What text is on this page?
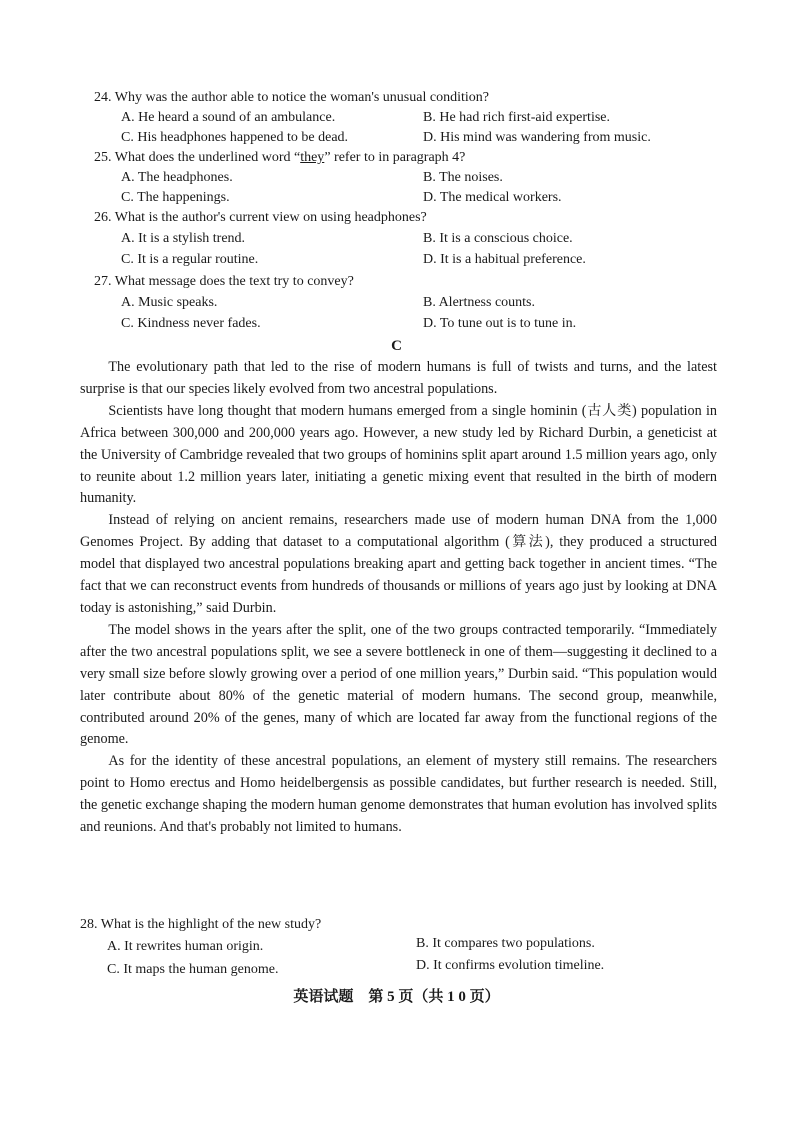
24. Why was the author able to notice the woman's unusual condition?
A. He heard a sound of an ambulance.	B. He had rich first-aid expertise.
C. His headphones happened to be dead.	D. His mind was wandering from music.
25. What does the underlined word “they” refer to in paragraph 4?
A. The headphones.	B. The noises.
C. The happenings.	D. The medical workers.
26. What is the author's current view on using headphones?
A. It is a stylish trend.	B. It is a conscious choice.
C. It is a regular routine.	D. It is a habitual preference.
27. What message does the text try to convey?
A. Music speaks.	B. Alertness counts.
C. Kindness never fades.	D. To tune out is to tune in.
C

The evolutionary path that led to the rise of modern humans is full of twists and turns, and the latest surprise is that our species likely evolved from two ancestral populations.

Scientists have long thought that modern humans emerged from a single hominin (古人类) population in Africa between 300,000 and 200,000 years ago. However, a new study led by Richard Durbin, a geneticist at the University of Cambridge revealed that two groups of hominins split apart around 1.5 million years ago, only to reunite about 1.2 million years later, initiating a genetic mixing event that resulted in the birth of modern humanity.

Instead of relying on ancient remains, researchers made use of modern human DNA from the 1,000 Genomes Project. By adding that dataset to a computational algorithm (算法), they produced a structured model that displayed two ancestral populations breaking apart and getting back together in ancient times. “The fact that we can reconstruct events from hundreds of thousands or millions of years ago just by looking at DNA today is astonishing,” said Durbin.

The model shows in the years after the split, one of the two groups contracted temporarily. “Immediately after the two ancestral populations split, we see a severe bottleneck in one of them—suggesting it declined to a very small size before slowly growing over a period of one million years,” Durbin said. “This population would later contribute about 80% of the genetic material of modern humans. The second group, meanwhile, contributed around 20% of the genes, many of which are located far away from the functional regions of the genome.

As for the identity of these ancestral populations, an element of mystery still remains. The researchers point to Homo erectus and Homo heidelbergensis as possible candidates, but further research is needed. Still, the genetic exchange shaping the modern human genome demonstrates that human evolution has involved splits and reunions. And that's probably not limited to humans.

28. What is the highlight of the new study?
A. It rewrites human origin.	B. It compares two populations.
C. It maps the human genome.	D. It confirms evolution timeline.
英语试题　第 5 页（共 1 0 页）
